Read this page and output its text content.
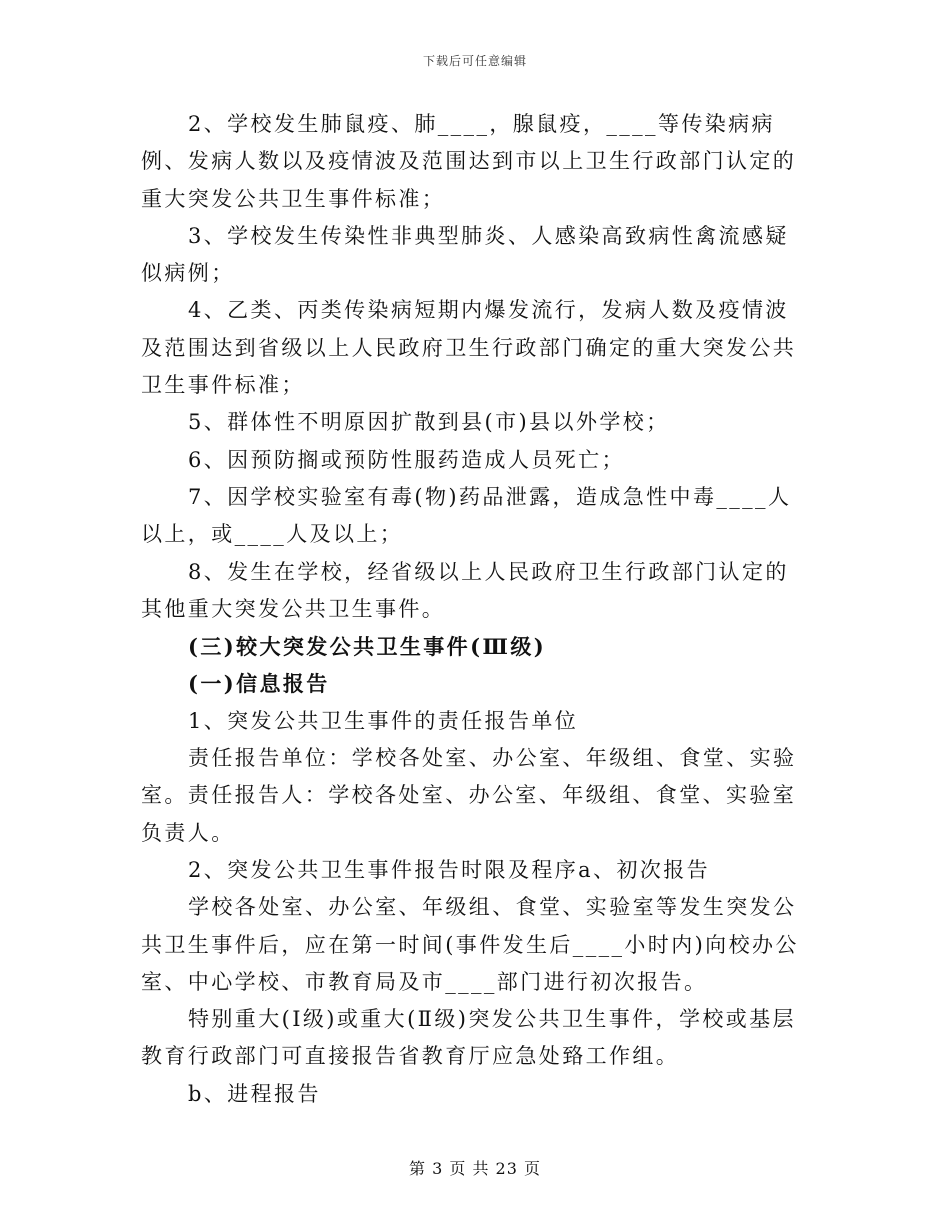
下载后可任意编辑

2、学校发生肺鼠疫、肺____，腺鼠疫，____等传染病病例、发病人数以及疫情波及范围达到市以上卫生行政部门认定的重大突发公共卫生事件标准；

3、学校发生传染性非典型肺炎、人感染高致病性禽流感疑似病例；

4、乙类、丙类传染病短期内爆发流行，发病人数及疫情波及范围达到省级以上人民政府卫生行政部门确定的重大突发公共卫生事件标准；

5、群体性不明原因扩散到县(市)县以外学校；

6、因预防搁或预防性服药造成人员死亡；

7、因学校实验室有毒(物)药品泄露，造成急性中毒____人以上，或____人及以上；

8、发生在学校，经省级以上人民政府卫生行政部门认定的其他重大突发公共卫生事件。

(三)较大突发公共卫生事件(Ⅲ级)

(一)信息报告

1、突发公共卫生事件的责任报告单位

责任报告单位：学校各处室、办公室、年级组、食堂、实验室。责任报告人：学校各处室、办公室、年级组、食堂、实验室负责人。

2、突发公共卫生事件报告时限及程序a、初次报告

学校各处室、办公室、年级组、食堂、实验室等发生突发公共卫生事件后，应在第一时间(事件发生后____小时内)向校办公室、中心学校、市教育局及市____部门进行初次报告。

特别重大(Ⅰ级)或重大(Ⅱ级)突发公共卫生事件，学校或基层教育行政部门可直接报告省教育厅应急处臵工作组。

b、进程报告

第 3 页 共 23 页
